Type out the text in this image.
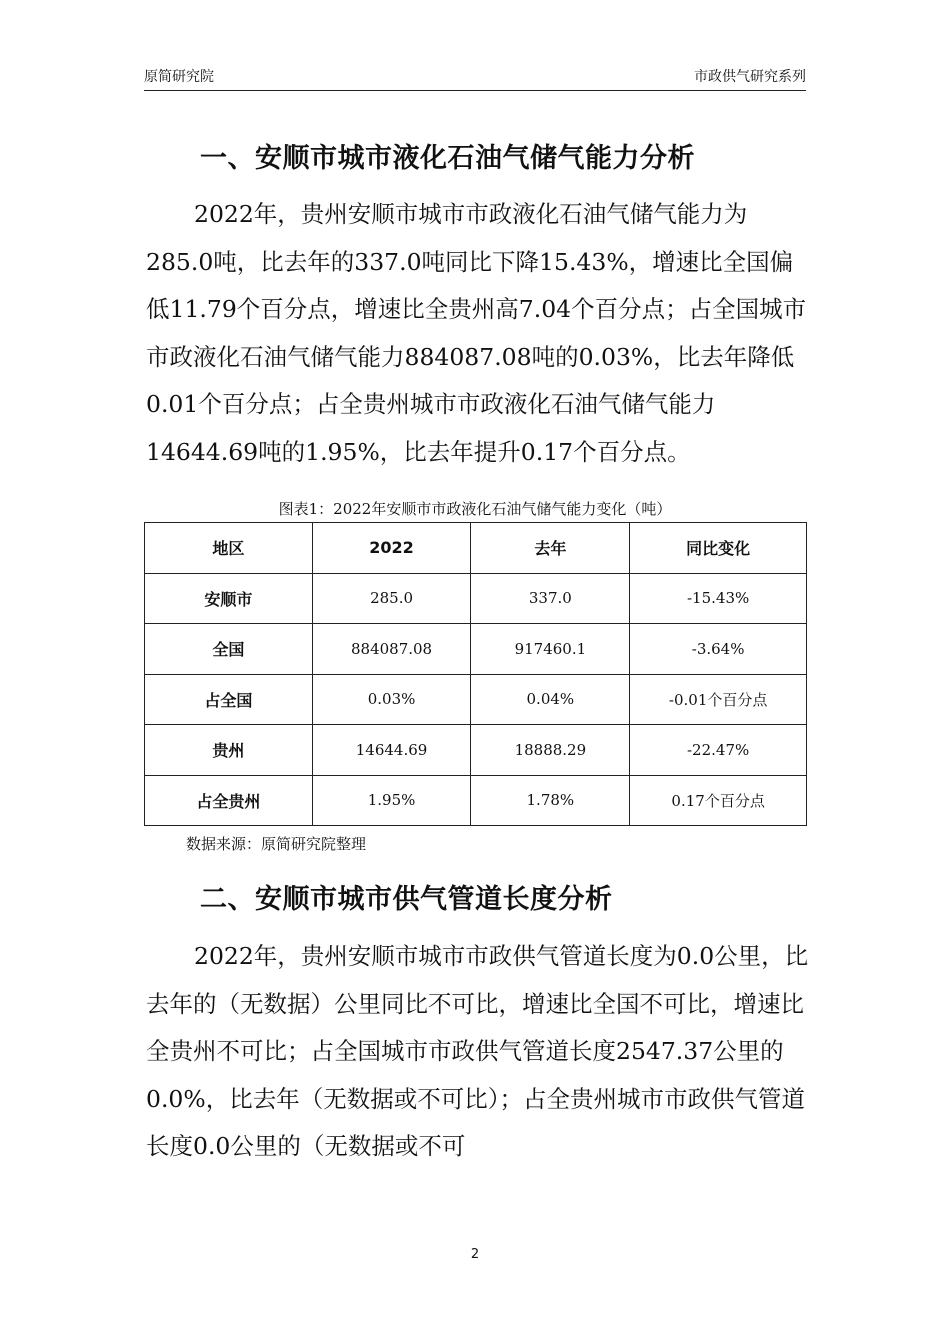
原简研究院	市政供气研究系列
一、安顺市城市液化石油气储气能力分析

2022年，贵州安顺市城市市政液化石油气储气能力为285.0吨，比去年的337.0吨同比下降15.43%，增速比全国偏低11.79个百分点，增速比全贵州高7.04个百分点；占全国城市市政液化石油气储气能力884087.08吨的0.03%，比去年降低0.01个百分点；占全贵州城市市政液化石油气储气能力14644.69吨的1.95%，比去年提升0.17个百分点。

图表1：2022年安顺市市政液化石油气储气能力变化（吨）
地区	2022	去年	同比变化
安顺市	285.0	337.0	-15.43%
全国	884087.08	917460.1	-3.64%
占全国	0.03%	0.04%	-0.01个百分点
贵州	14644.69	18888.29	-22.47%
占全贵州	1.95%	1.78%	0.17个百分点
数据来源：原简研究院整理
二、安顺市城市供气管道长度分析

2022年，贵州安顺市城市市政供气管道长度为0.0公里，比去年的（无数据）公里同比不可比，增速比全国不可比，增速比全贵州不可比；占全国城市市政供气管道长度2547.37公里的0.0%，比去年（无数据或不可比）；占全贵州城市市政供气管道长度0.0公里的（无数据或不可

2
